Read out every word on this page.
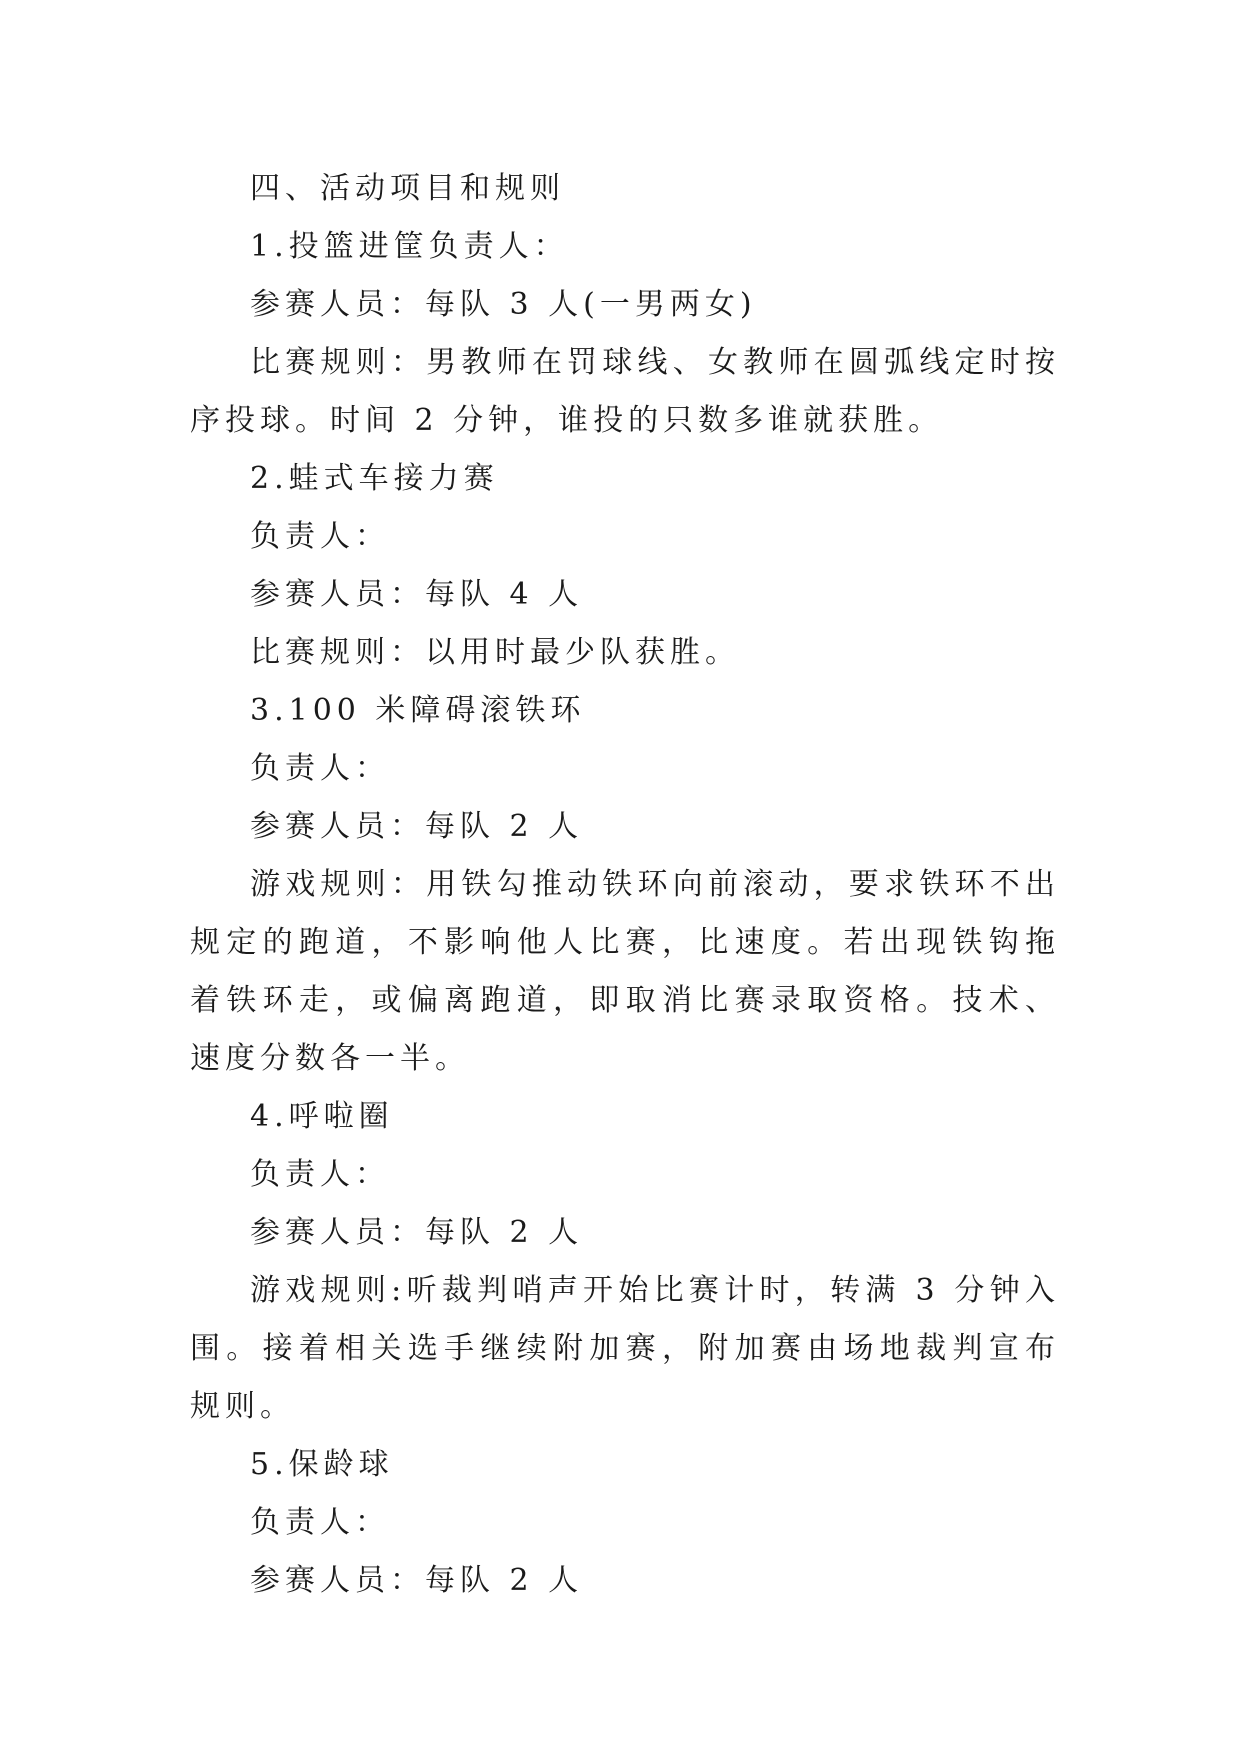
四、活动项目和规则

1.投篮进筐负责人：

参赛人员：每队 3 人(一男两女)

比赛规则：男教师在罚球线、女教师在圆弧线定时按序投球。时间 2 分钟，谁投的只数多谁就获胜。

2.蛙式车接力赛

负责人：

参赛人员：每队 4 人

比赛规则：以用时最少队获胜。

3.100 米障碍滚铁环

负责人：

参赛人员：每队 2 人

游戏规则：用铁勾推动铁环向前滚动，要求铁环不出规定的跑道，不影响他人比赛，比速度。若出现铁钩拖着铁环走，或偏离跑道，即取消比赛录取资格。技术、速度分数各一半。

4.呼啦圈

负责人：

参赛人员：每队 2 人

游戏规则:听裁判哨声开始比赛计时，转满 3 分钟入围。接着相关选手继续附加赛，附加赛由场地裁判宣布规则。

5.保龄球

负责人：

参赛人员：每队 2 人
